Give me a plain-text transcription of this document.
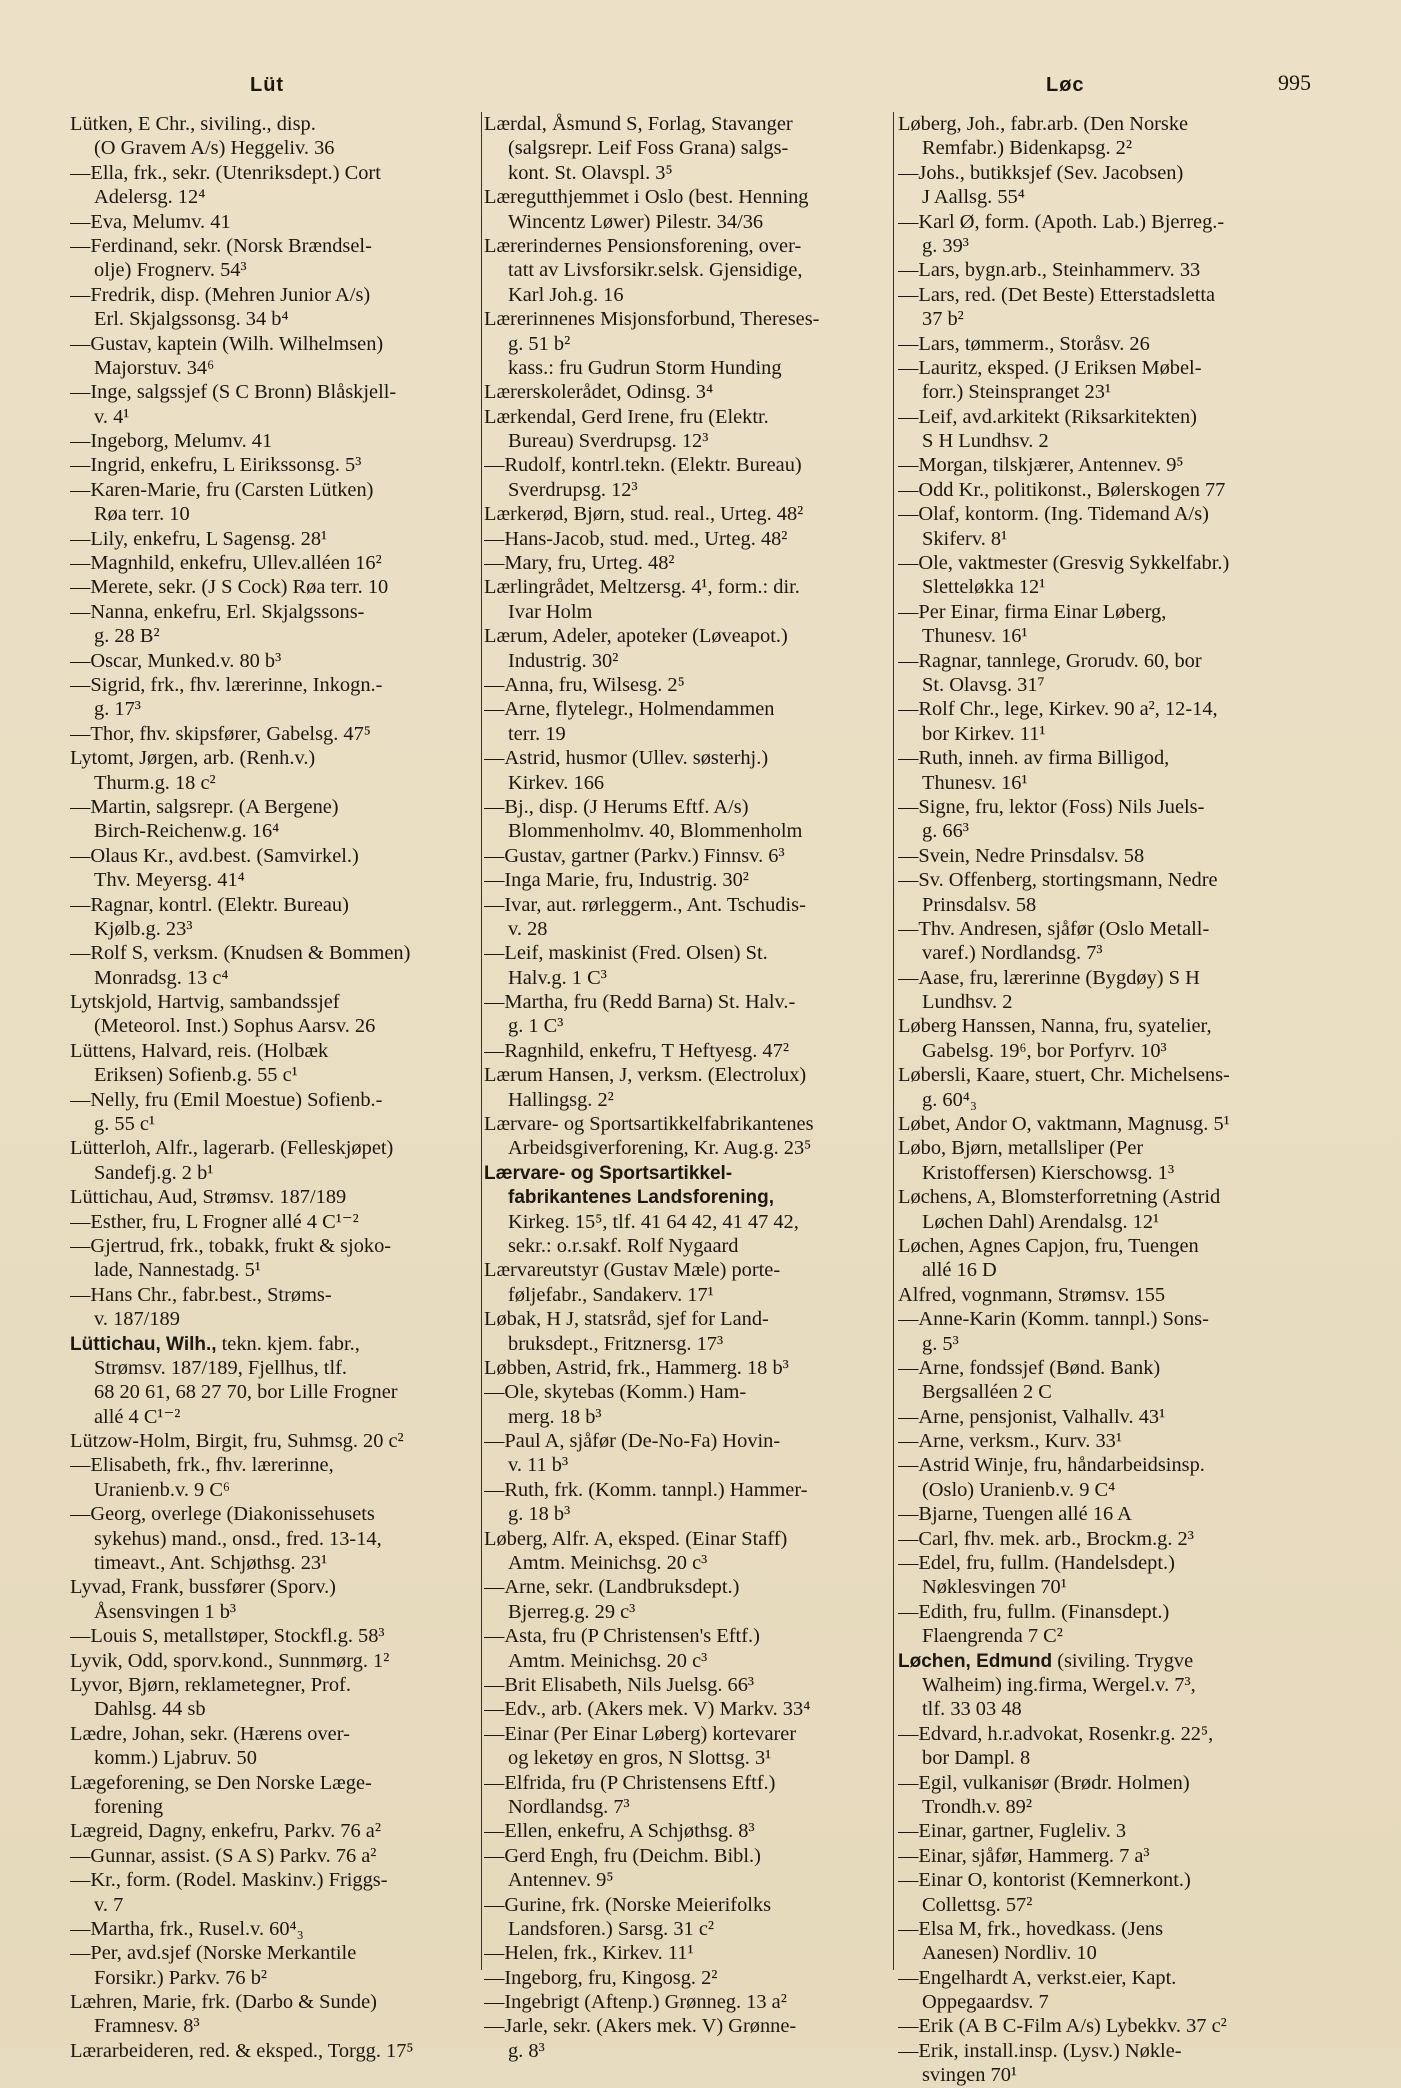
Lüt	Løc	995
Lütken, E Chr., siviling., disp.
(O Gravem A/s) Heggeliv. 36
—Ella, frk., sekr. (Utenriksdept.) Cort
Adelersg. 12⁴
—Eva, Melumv. 41
—Ferdinand, sekr. (Norsk Brændsel-
olje) Frognerv. 54³
—Fredrik, disp. (Mehren Junior A/s)
Erl. Skjalgssonsg. 34 b⁴
—Gustav, kaptein (Wilh. Wilhelmsen)
Majorstuv. 34⁶
—Inge, salgssjef (S C Bronn) Blåskjell-
v. 4¹
—Ingeborg, Melumv. 41
—Ingrid, enkefru, L Eirikssonsg. 5³
—Karen-Marie, fru (Carsten Lütken)
Røa terr. 10
—Lily, enkefru, L Sagensg. 28¹
—Magnhild, enkefru, Ullev.alléen 16²
—Merete, sekr. (J S Cock) Røa terr. 10
—Nanna, enkefru, Erl. Skjalgssons-
g. 28 B²
—Oscar, Munked.v. 80 b³
—Sigrid, frk., fhv. lærerinne, Inkogn.-
g. 17³
—Thor, fhv. skipsfører, Gabelsg. 47⁵
Lytomt, Jørgen, arb. (Renh.v.)
Thurm.g. 18 c²
—Martin, salgsrepr. (A Bergene)
Birch-Reichenw.g. 16⁴
—Olaus Kr., avd.best. (Samvirkel.)
Thv. Meyersg. 41⁴
—Ragnar, kontrl. (Elektr. Bureau)
Kjølb.g. 23³
—Rolf S, verksm. (Knudsen & Bommen)
Monradsg. 13 c⁴
Lytskjold, Hartvig, sambandssjef
(Meteorol. Inst.) Sophus Aarsv. 26
Lüttens, Halvard, reis. (Holbæk
Eriksen) Sofienb.g. 55 c¹
—Nelly, fru (Emil Moestue) Sofienb.-
g. 55 c¹
Lütterloh, Alfr., lagerarb. (Felleskjøpet)
Sandefj.g. 2 b¹
Lüttichau, Aud, Strømsv. 187/189
—Esther, fru, L Frogner allé 4 C¹⁻²
—Gjertrud, frk., tobakk, frukt & sjoko-
lade, Nannestadg. 5¹
—Hans Chr., fabr.best., Strøms-
v. 187/189
Lüttichau, Wilh., tekn. kjem. fabr.,
Strømsv. 187/189, Fjellhus, tlf.
68 20 61, 68 27 70, bor Lille Frogner
allé 4 C¹⁻²
Lützow-Holm, Birgit, fru, Suhmsg. 20 c²
—Elisabeth, frk., fhv. lærerinne,
Uranienb.v. 9 C⁶
—Georg, overlege (Diakonissehusets
sykehus) mand., onsd., fred. 13-14,
timeavt., Ant. Schjøthsg. 23¹
Lyvad, Frank, bussfører (Sporv.)
Åsensvingen 1 b³
—Louis S, metallstøper, Stockfl.g. 58³
Lyvik, Odd, sporv.kond., Sunnmørg. 1²
Lyvor, Bjørn, reklametegner, Prof.
Dahlsg. 44 sb
Lædre, Johan, sekr. (Hærens over-
komm.) Ljabruv. 50
Lægeforening, se Den Norske Læge-
forening
Lægreid, Dagny, enkefru, Parkv. 76 a²
—Gunnar, assist. (S A S) Parkv. 76 a²
—Kr., form. (Rodel. Maskinv.) Friggs-
v. 7
—Martha, frk., Rusel.v. 60⁴₃
—Per, avd.sjef (Norske Merkantile
Forsikr.) Parkv. 76 b²
Læhren, Marie, frk. (Darbo & Sunde)
Framnesv. 8³
Lærarbeideren, red. & eksped., Torgg. 17⁵
Lærdal, Åsmund S, Forlag, Stavanger
(salgsrepr. Leif Foss Grana) salgs-
kont. St. Olavspl. 3⁵
Læregutthjemmet i Oslo (best. Henning
Wincentz Løwer) Pilestr. 34/36
Lærerindernes Pensionsforening, over-
tatt av Livsforsikr.selsk. Gjensidige,
Karl Joh.g. 16
Lærerinnenes Misjonsforbund, Thereses-
g. 51 b²
kass.: fru Gudrun Storm Hunding
Lærerskolerådet, Odinsg. 3⁴
Lærkendal, Gerd Irene, fru (Elektr.
Bureau) Sverdrupsg. 12³
—Rudolf, kontrl.tekn. (Elektr. Bureau)
Sverdrupsg. 12³
Lærkerød, Bjørn, stud. real., Urteg. 48²
—Hans-Jacob, stud. med., Urteg. 48²
—Mary, fru, Urteg. 48²
Lærlingrådet, Meltzersg. 4¹, form.: dir.
Ivar Holm
Lærum, Adeler, apoteker (Løveapot.)
Industrig. 30²
—Anna, fru, Wilsesg. 2⁵
—Arne, flytelegr., Holmendammen
terr. 19
—Astrid, husmor (Ullev. søsterhj.)
Kirkev. 166
—Bj., disp. (J Herums Eftf. A/s)
Blommenholmv. 40, Blommenholm
—Gustav, gartner (Parkv.) Finnsv. 6³
—Inga Marie, fru, Industrig. 30²
—Ivar, aut. rørleggerm., Ant. Tschudis-
v. 28
—Leif, maskinist (Fred. Olsen) St.
Halv.g. 1 C³
—Martha, fru (Redd Barna) St. Halv.-
g. 1 C³
—Ragnhild, enkefru, T Heftyesg. 47²
Lærum Hansen, J, verksm. (Electrolux)
Hallingsg. 2²
Lærvare- og Sportsartikkelfabrikantenes
Arbeidsgiverforening, Kr. Aug.g. 23⁵
Lærvare- og Sportsartikkel-
fabrikantenes Landsforening,
Kirkeg. 15⁵, tlf. 41 64 42, 41 47 42,
sekr.: o.r.sakf. Rolf Nygaard
Lærvareutstyr (Gustav Mæle) porte-
føljefabr., Sandakerv. 17¹
Løbak, H J, statsråd, sjef for Land-
bruksdept., Fritznersg. 17³
Løbben, Astrid, frk., Hammerg. 18 b³
—Ole, skytebas (Komm.) Ham-
merg. 18 b³
—Paul A, sjåfør (De-No-Fa) Hovin-
v. 11 b³
—Ruth, frk. (Komm. tannpl.) Hammer-
g. 18 b³
Løberg, Alfr. A, eksped. (Einar Staff)
Amtm. Meinichsg. 20 c³
—Arne, sekr. (Landbruksdept.)
Bjerreg.g. 29 c³
—Asta, fru (P Christensen's Eftf.)
Amtm. Meinichsg. 20 c³
—Brit Elisabeth, Nils Juelsg. 66³
—Edv., arb. (Akers mek. V) Markv. 33⁴
—Einar (Per Einar Løberg) kortevarer
og leketøy en gros, N Slottsg. 3¹
—Elfrida, fru (P Christensens Eftf.)
Nordlandsg. 7³
—Ellen, enkefru, A Schjøthsg. 8³
—Gerd Engh, fru (Deichm. Bibl.)
Antennev. 9⁵
—Gurine, frk. (Norske Meierifolks
Landsforen.) Sarsg. 31 c²
—Helen, frk., Kirkev. 11¹
—Ingeborg, fru, Kingosg. 2²
—Ingebrigt (Aftenp.) Grønneg. 13 a²
—Jarle, sekr. (Akers mek. V) Grønne-
g. 8³
Løberg, Joh., fabr.arb. (Den Norske
Remfabr.) Bidenkapsg. 2²
—Johs., butikksjef (Sev. Jacobsen)
J Aallsg. 55⁴
—Karl Ø, form. (Apoth. Lab.) Bjerreg.-
g. 39³
—Lars, bygn.arb., Steinhammerv. 33
—Lars, red. (Det Beste) Etterstadsletta
37 b²
—Lars, tømmerm., Storåsv. 26
—Lauritz, eksped. (J Eriksen Møbel-
forr.) Steinspranget 23¹
—Leif, avd.arkitekt (Riksarkitekten)
S H Lundhsv. 2
—Morgan, tilskjærer, Antennev. 9⁵
—Odd Kr., politikonst., Bølerskogen 77
—Olaf, kontorm. (Ing. Tidemand A/s)
Skiferv. 8¹
—Ole, vaktmester (Gresvig Sykkelfabr.)
Sletteløkka 12¹
—Per Einar, firma Einar Løberg,
Thunesv. 16¹
—Ragnar, tannlege, Grorudv. 60, bor
St. Olavsg. 31⁷
—Rolf Chr., lege, Kirkev. 90 a², 12-14,
bor Kirkev. 11¹
—Ruth, inneh. av firma Billigod,
Thunesv. 16¹
—Signe, fru, lektor (Foss) Nils Juels-
g. 66³
—Svein, Nedre Prinsdalsv. 58
—Sv. Offenberg, stortingsmann, Nedre
Prinsdalsv. 58
—Thv. Andresen, sjåfør (Oslo Metall-
varef.) Nordlandsg. 7³
—Aase, fru, lærerinne (Bygdøy) S H
Lundhsv. 2
Løberg Hanssen, Nanna, fru, syatelier,
Gabelsg. 19⁶, bor Porfyrv. 10³
Løbersli, Kaare, stuert, Chr. Michelsens-
g. 60⁴₃
Løbet, Andor O, vaktmann, Magnusg. 5¹
Løbo, Bjørn, metallsliper (Per
Kristoffersen) Kierschowsg. 1³
Løchens, A, Blomsterforretning (Astrid
Løchen Dahl) Arendalsg. 12¹
Løchen, Agnes Capjon, fru, Tuengen
allé 16 D
Alfred, vognmann, Strømsv. 155
—Anne-Karin (Komm. tannpl.) Sons-
g. 5³
—Arne, fondssjef (Bønd. Bank)
Bergsalléen 2 C
—Arne, pensjonist, Valhallv. 43¹
—Arne, verksm., Kurv. 33¹
—Astrid Winje, fru, håndarbeidsinsp.
(Oslo) Uranienb.v. 9 C⁴
—Bjarne, Tuengen allé 16 A
—Carl, fhv. mek. arb., Brockm.g. 2³
—Edel, fru, fullm. (Handelsdept.)
Nøklesvingen 70¹
—Edith, fru, fullm. (Finansdept.)
Flaengrenda 7 C²
Løchen, Edmund (siviling. Trygve
Walheim) ing.firma, Wergel.v. 7³,
tlf. 33 03 48
—Edvard, h.r.advokat, Rosenkr.g. 22⁵,
bor Dampl. 8
—Egil, vulkanisør (Brødr. Holmen)
Trondh.v. 89²
—Einar, gartner, Fugleliv. 3
—Einar, sjåfør, Hammerg. 7 a³
—Einar O, kontorist (Kemnerkont.)
Collettsg. 57²
—Elsa M, frk., hovedkass. (Jens
Aanesen) Nordliv. 10
—Engelhardt A, verkst.eier, Kapt.
Oppegaardsv. 7
—Erik (A B C-Film A/s) Lybekkv. 37 c²
—Erik, install.insp. (Lysv.) Nøkle-
svingen 70¹
